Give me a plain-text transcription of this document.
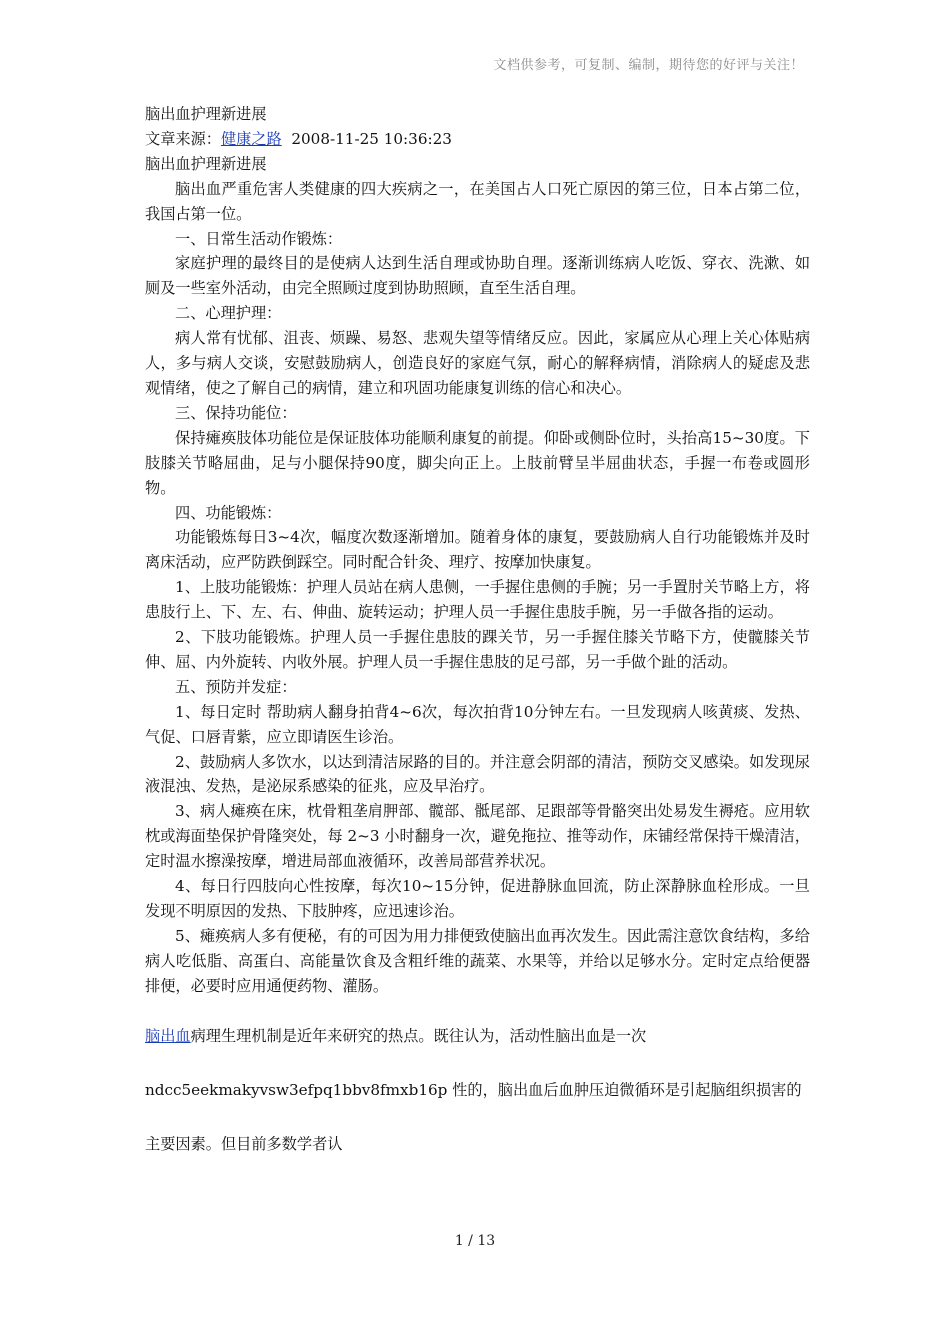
文档供参考，可复制、编制，期待您的好评与关注！
脑出血护理新进展
文章来源：健康之路 2008-11-25 10:36:23
脑出血护理新进展

脑出血严重危害人类健康的四大疾病之一，在美国占人口死亡原因的第三位，日本占第二位，我国占第一位。

一、日常生活动作锻炼：

家庭护理的最终目的是使病人达到生活自理或协助自理。逐渐训练病人吃饭、穿衣、洗漱、如厕及一些室外活动，由完全照顾过度到协助照顾，直至生活自理。

二、心理护理：

病人常有忧郁、沮丧、烦躁、易怒、悲观失望等情绪反应。因此，家属应从心理上关心体贴病人，多与病人交谈，安慰鼓励病人，创造良好的家庭气氛，耐心的解释病情，消除病人的疑虑及悲观情绪，使之了解自己的病情，建立和巩固功能康复训练的信心和决心。

三、保持功能位：

保持瘫痪肢体功能位是保证肢体功能顺利康复的前提。仰卧或侧卧位时，头抬高15~30度。下肢膝关节略屈曲，足与小腿保持90度，脚尖向正上。上肢前臂呈半屈曲状态，手握一布卷或圆形物。

四、功能锻炼：

功能锻炼每日3~4次，幅度次数逐渐增加。随着身体的康复，要鼓励病人自行功能锻炼并及时离床活动，应严防跌倒踩空。同时配合针灸、理疗、按摩加快康复。

1、上肢功能锻炼：护理人员站在病人患侧，一手握住患侧的手腕；另一手置肘关节略上方，将患肢行上、下、左、右、伸曲、旋转运动；护理人员一手握住患肢手腕，另一手做各指的运动。

2、下肢功能锻炼。护理人员一手握住患肢的踝关节，另一手握住膝关节略下方，使髋膝关节伸、屈、内外旋转、内收外展。护理人员一手握住患肢的足弓部，另一手做个趾的活动。

五、预防并发症：

1、每日定时 帮助病人翻身拍背4~6次，每次拍背10分钟左右。一旦发现病人咳黄痰、发热、气促、口唇青紫，应立即请医生诊治。

2、鼓励病人多饮水，以达到清洁尿路的目的。并注意会阴部的清洁，预防交叉感染。如发现尿液混浊、发热，是泌尿系感染的征兆，应及早治疗。

3、病人瘫痪在床，枕骨粗垄肩胛部、髋部、骶尾部、足跟部等骨骼突出处易发生褥疮。应用软枕或海面垫保护骨隆突处，每 2~3 小时翻身一次，避免拖拉、推等动作，床铺经常保持干燥清洁，定时温水擦澡按摩，增进局部血液循环，改善局部营养状况。

4、每日行四肢向心性按摩，每次10~15分钟，促进静脉血回流，防止深静脉血栓形成。一旦发现不明原因的发热、下肢肿疼，应迅速诊治。

5、瘫痪病人多有便秘，有的可因为用力排便致使脑出血再次发生。因此需注意饮食结构，多给病人吃低脂、高蛋白、高能量饮食及含粗纤维的蔬菜、水果等，并给以足够水分。定时定点给便器排便，必要时应用通便药物、灌肠。

脑出血病理生理机制是近年来研究的热点。既往认为，活动性脑出血是一次

ndcc5eekmakyvsw3efpq1bbv8fmxb16p 性的，脑出血后血肿压迫微循环是引起脑组织损害的

主要因素。但目前多数学者认

1 / 13
